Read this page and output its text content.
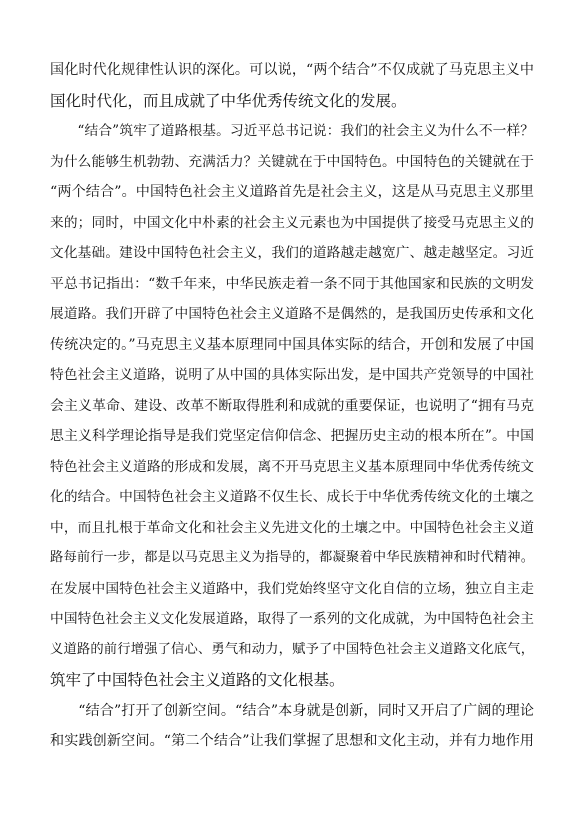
国化时代化规律性认识的深化。可以说，“两个结合”不仅成就了马克思主义中
国化时代化，而且成就了中华优秀传统文化的发展。
“结合”筑牢了道路根基。习近平总书记说：我们的社会主义为什么不一样？
为什么能够生机勃勃、充满活力？关键就在于中国特色。中国特色的关键就在于
“两个结合”。中国特色社会主义道路首先是社会主义，这是从马克思主义那里
来的；同时，中国文化中朴素的社会主义元素也为中国提供了接受马克思主义的
文化基础。建设中国特色社会主义，我们的道路越走越宽广、越走越坚定。习近
平总书记指出：“数千年来，中华民族走着一条不同于其他国家和民族的文明发
展道路。我们开辟了中国特色社会主义道路不是偶然的，是我国历史传承和文化
传统决定的。”马克思主义基本原理同中国具体实际的结合，开创和发展了中国
特色社会主义道路，说明了从中国的具体实际出发，是中国共产党领导的中国社
会主义革命、建设、改革不断取得胜利和成就的重要保证，也说明了“拥有马克
思主义科学理论指导是我们党坚定信仰信念、把握历史主动的根本所在”。中国
特色社会主义道路的形成和发展，离不开马克思主义基本原理同中华优秀传统文
化的结合。中国特色社会主义道路不仅生长、成长于中华优秀传统文化的土壤之
中，而且扎根于革命文化和社会主义先进文化的土壤之中。中国特色社会主义道
路每前行一步，都是以马克思主义为指导的，都凝聚着中华民族精神和时代精神。
在发展中国特色社会主义道路中，我们党始终坚守文化自信的立场，独立自主走
中国特色社会主义文化发展道路，取得了一系列的文化成就，为中国特色社会主
义道路的前行增强了信心、勇气和动力，赋予了中国特色社会主义道路文化底气，
筑牢了中国特色社会主义道路的文化根基。
“结合”打开了创新空间。“结合”本身就是创新，同时又开启了广阔的理论
和实践创新空间。“第二个结合”让我们掌握了思想和文化主动，并有力地作用
